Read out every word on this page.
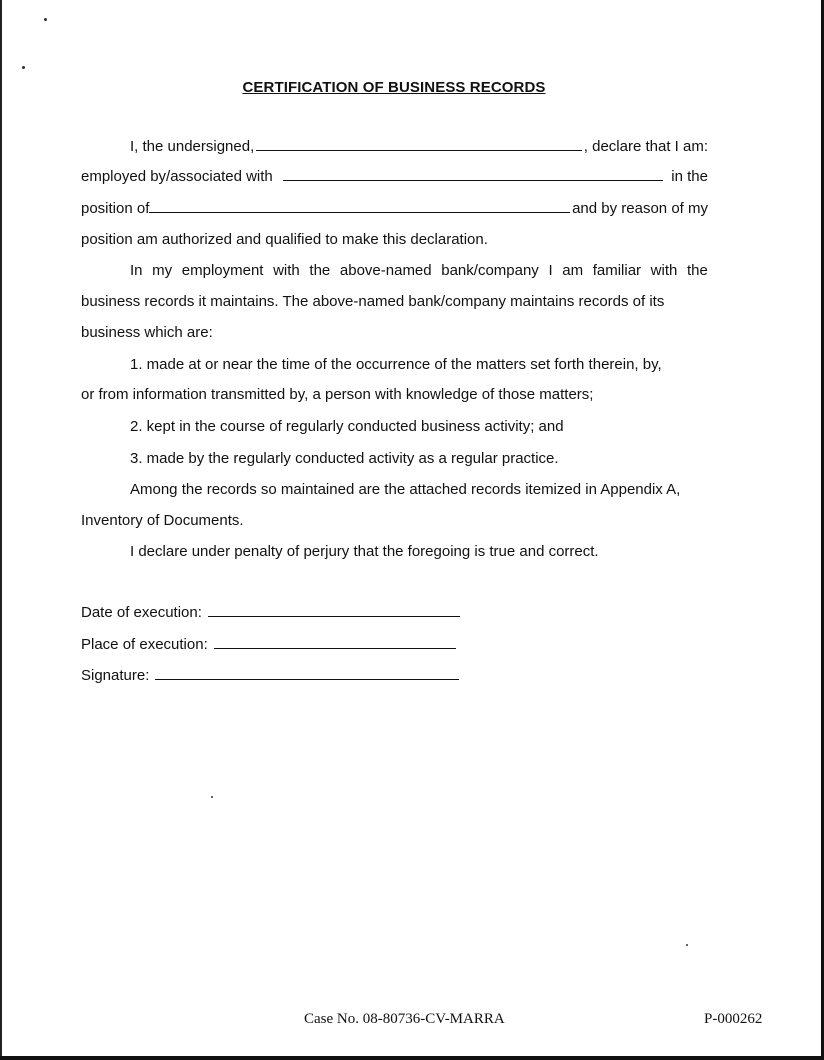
CERTIFICATION OF BUSINESS RECORDS
I, the undersigned,	, declare that I am:
employed by/associated with	in the
position of	and by reason of my
position am authorized and qualified to make this declaration.
In my employment with the above-named bank/company I am familiar with the
business records it maintains. The above-named bank/company maintains records of its
business which are:
1. made at or near the time of the occurrence of the matters set forth therein, by,
or from information transmitted by, a person with knowledge of those matters;
2. kept in the course of regularly conducted business activity; and
3. made by the regularly conducted activity as a regular practice.
Among the records so maintained are the attached records itemized in Appendix A,
Inventory of Documents.
I declare under penalty of perjury that the foregoing is true and correct.
Date of execution:
Place of execution:
Signature:
Case No. 08-80736-CV-MARRA	P-000262
